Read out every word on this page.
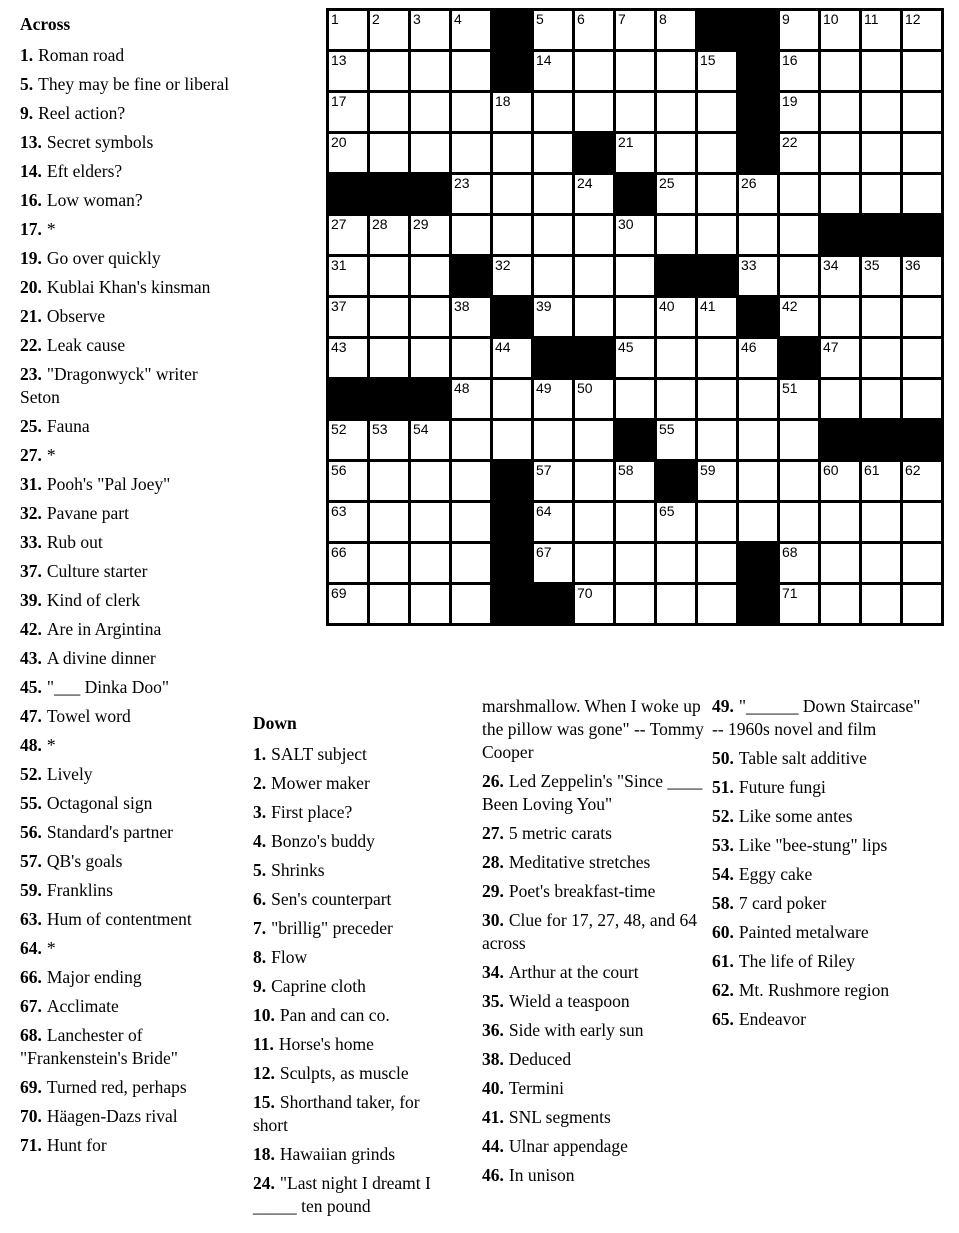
1 2 3 4	5 6 7 8	9 10 11 12
13	14	15	16
17	18	19
20	21	22
23	24	25	26
27 28 29	30
31	32	33	34 35 36
37	38	39	40 41	42
43	44	45	46	47
48	49 50	51
52 53 54	55
56	57	58	59	60 61 62
63	64	65
66	67	68
69	70	71
Across
1. Roman road
5. They may be fine or liberal
9. Reel action?
13. Secret symbols
14. Eft elders?
16. Low woman?
17. *
19. Go over quickly
20. Kublai Khan's kinsman
21. Observe
22. Leak cause
23. "Dragonwyck" writer Seton
25. Fauna
27. *
31. Pooh's "Pal Joey"
32. Pavane part
33. Rub out
37. Culture starter
39. Kind of clerk
42. Are in Argintina
43. A divine dinner
45. "___ Dinka Doo"
47. Towel word
48. *
52. Lively
55. Octagonal sign
56. Standard's partner
57. QB's goals
59. Franklins
63. Hum of contentment
64. *
66. Major ending
67. Acclimate
68. Lanchester of "Frankenstein's Bride"
69. Turned red, perhaps
70. Häagen-Dazs rival
71. Hunt for
Down
1. SALT subject
2. Mower maker
3. First place?
4. Bonzo's buddy
5. Shrinks
6. Sen's counterpart
7. "brillig" preceder
8. Flow
9. Caprine cloth
10. Pan and can co.
11. Horse's home
12. Sculpts, as muscle
15. Shorthand taker, for short
18. Hawaiian grinds
24. "Last night I dreamt I _____ ten pound
marshmallow. When I woke up the pillow was gone" -- Tommy Cooper
26. Led Zeppelin's "Since ____ Been Loving You"
27. 5 metric carats
28. Meditative stretches
29. Poet's breakfast-time
30. Clue for 17, 27, 48, and 64 across
34. Arthur at the court
35. Wield a teaspoon
36. Side with early sun
38. Deduced
40. Termini
41. SNL segments
44. Ulnar appendage
46. In unison
49. "______ Down Staircase" -- 1960s novel and film
50. Table salt additive
51. Future fungi
52. Like some antes
53. Like "bee-stung" lips
54. Eggy cake
58. 7 card poker
60. Painted metalware
61. The life of Riley
62. Mt. Rushmore region
65. Endeavor
